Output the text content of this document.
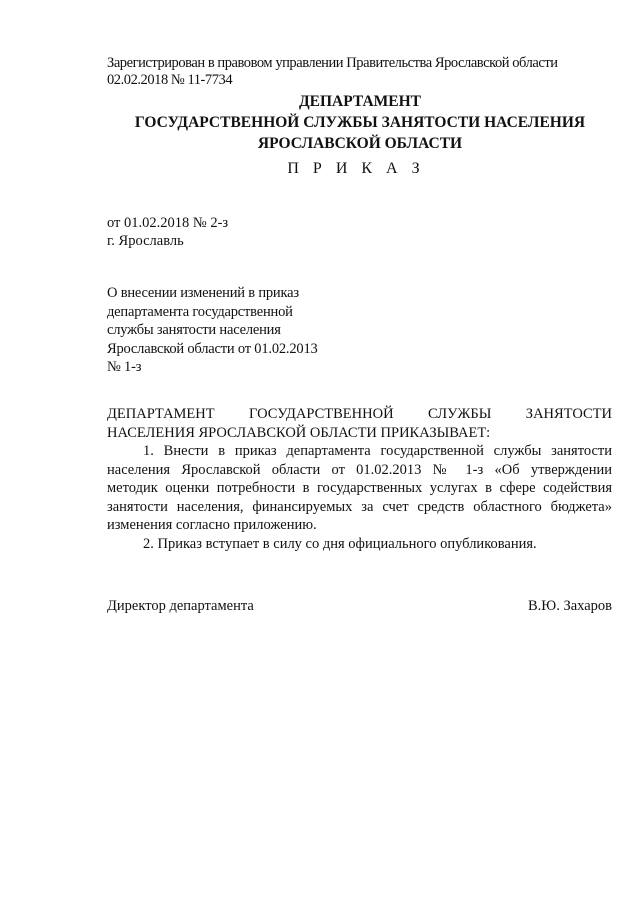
Зарегистрирован в правовом управлении Правительства Ярославской области
02.02.2018 № 11-7734
ДЕПАРТАМЕНТ
ГОСУДАРСТВЕННОЙ СЛУЖБЫ ЗАНЯТОСТИ НАСЕЛЕНИЯ
ЯРОСЛАВСКОЙ ОБЛАСТИ
П Р И К А З
от 01.02.2018 № 2-з
г. Ярославль
О внесении изменений в приказ
департамента государственной
службы занятости населения
Ярославской области от 01.02.2013
№ 1-з
ДЕПАРТАМЕНТ ГОСУДАРСТВЕННОЙ СЛУЖБЫ ЗАНЯТОСТИ
НАСЕЛЕНИЯ ЯРОСЛАВСКОЙ ОБЛАСТИ ПРИКАЗЫВАЕТ:
1. Внести в приказ департамента государственной службы занятости
населения Ярославской области от 01.02.2013 № 1-з «Об утверждении
методик оценки потребности в государственных услугах в сфере содействия
занятости населения, финансируемых за счет средств областного бюджета»
изменения согласно приложению.
2. Приказ вступает в силу со дня официального опубликования.
Директор департамента	В.Ю. Захаров
